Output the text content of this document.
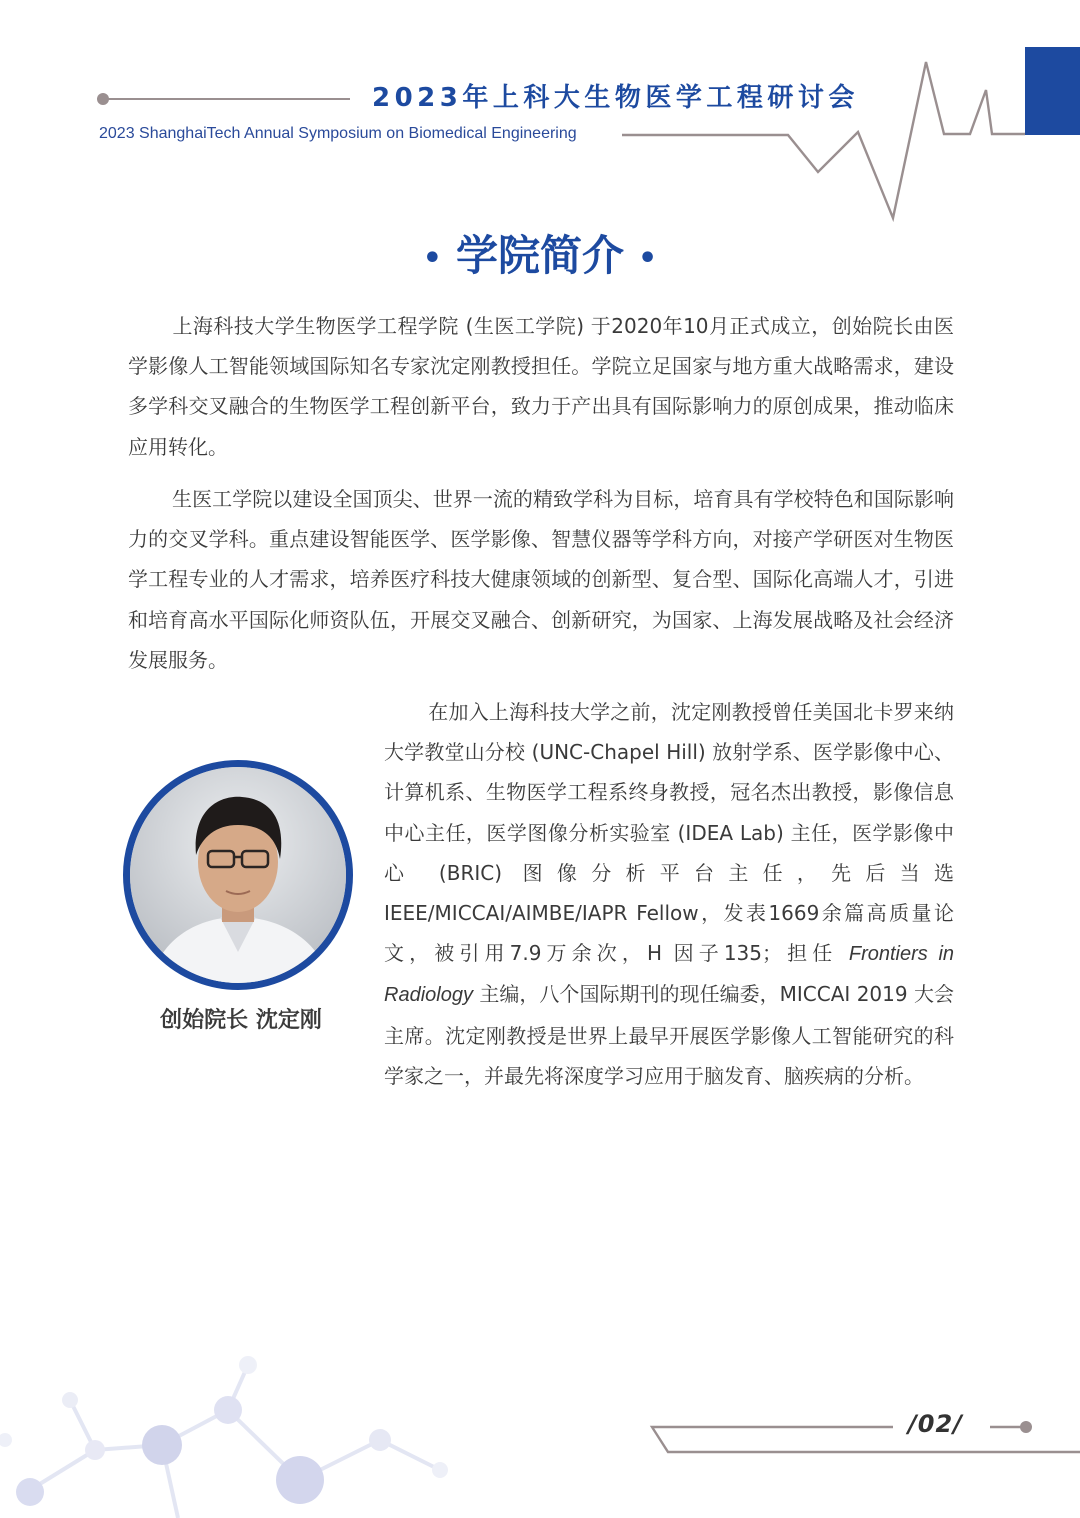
2023年上科大生物医学工程研讨会
2023 ShanghaiTech Annual Symposium on Biomedical Engineering
• 学院简介 •

上海科技大学生物医学工程学院 (生医工学院) 于2020年10月正式成立，创始院长由医学影像人工智能领域国际知名专家沈定刚教授担任。学院立足国家与地方重大战略需求，建设多学科交叉融合的生物医学工程创新平台，致力于产出具有国际影响力的原创成果，推动临床应用转化。

生医工学院以建设全国顶尖、世界一流的精致学科为目标，培育具有学校特色和国际影响力的交叉学科。重点建设智能医学、医学影像、智慧仪器等学科方向，对接产学研医对生物医学工程专业的人才需求，培养医疗科技大健康领域的创新型、复合型、国际化高端人才，引进和培育高水平国际化师资队伍，开展交叉融合、创新研究，为国家、上海发展战略及社会经济发展服务。

创始院长 沈定刚

在加入上海科技大学之前，沈定刚教授曾任美国北卡罗来纳大学教堂山分校 (UNC-Chapel Hill) 放射学系、医学影像中心、计算机系、生物医学工程系终身教授，冠名杰出教授，影像信息中心主任，医学图像分析实验室 (IDEA Lab) 主任，医学影像中心 (BRIC) 图像分析平台主任，先后当选 IEEE/MICCAI/AIMBE/IAPR Fellow，发表1669余篇高质量论文，被引用7.9万余次，H 因子135；担任 Frontiers in Radiology 主编，八个国际期刊的现任编委，MICCAI 2019 大会主席。沈定刚教授是世界上最早开展医学影像人工智能研究的科学家之一，并最先将深度学习应用于脑发育、脑疾病的分析。

/02/
